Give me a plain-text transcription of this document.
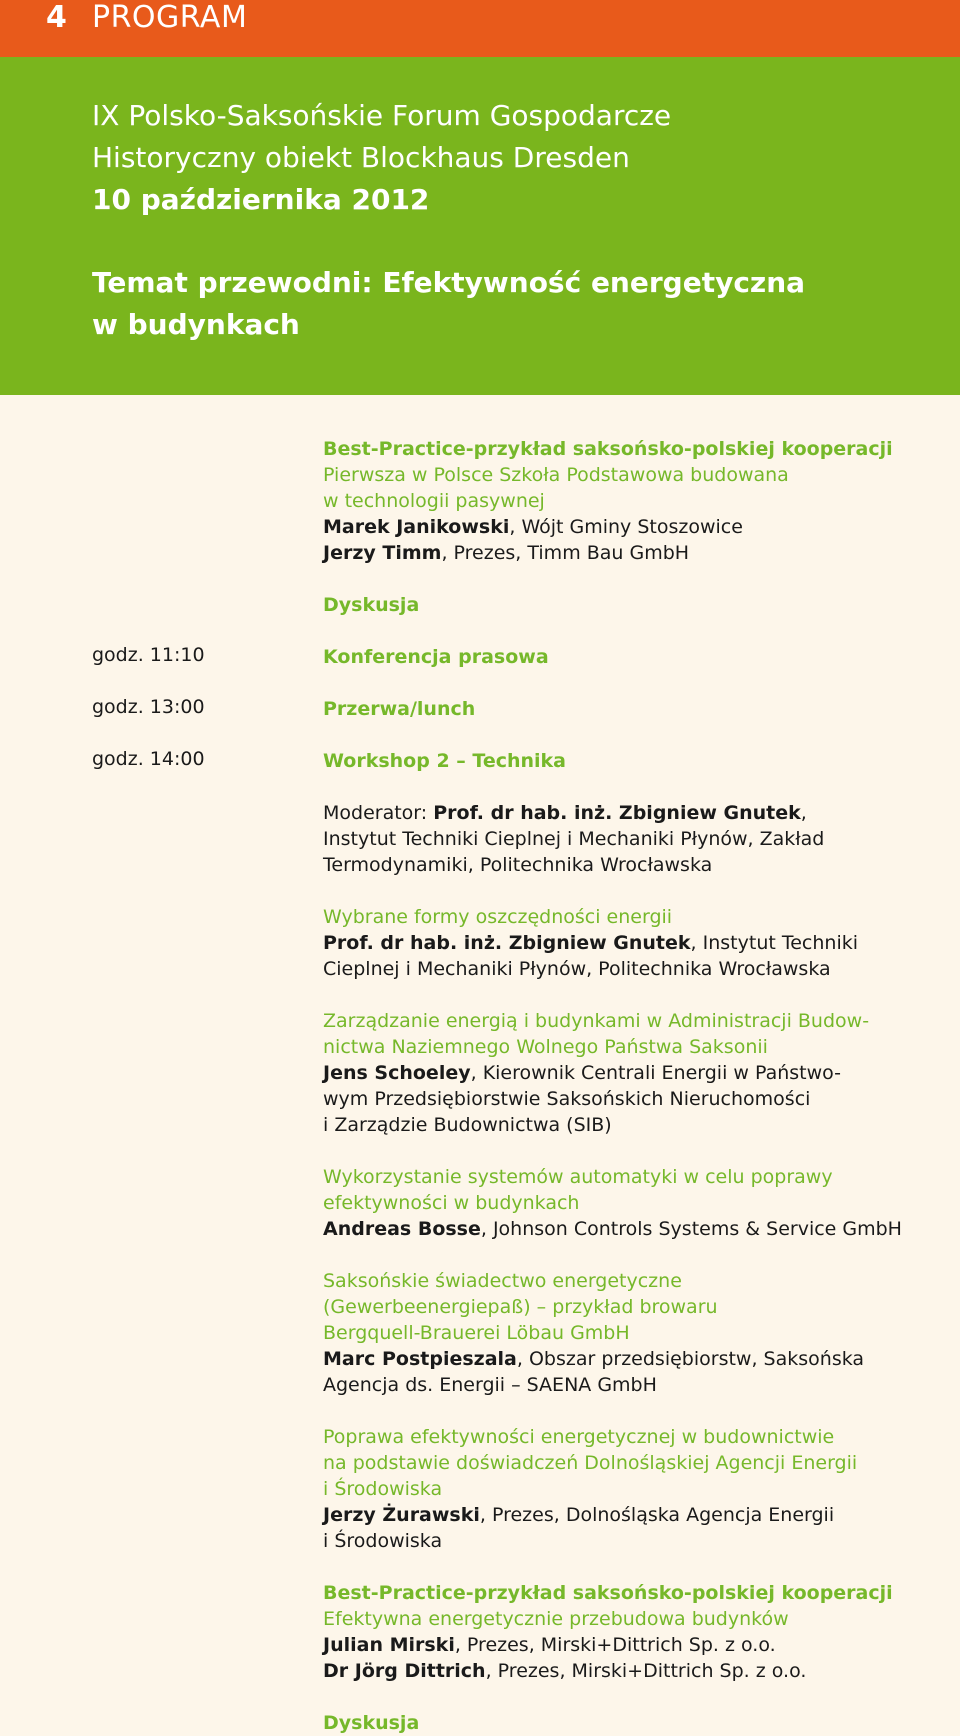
4 PROGRAM
IX Polsko-Saksońskie Forum Gospodarcze
Historyczny obiekt Blockhaus Dresden
10 października 2012
Temat przewodni: Efektywność energetyczna
w budynkach
godz. 11:10
godz. 13:00
godz. 14:00

Best-Practice-przykład saksońsko-polskiej kooperacji

Pierwsza w Polsce Szkoła Podstawowa budowana

w technologii pasywnej

Marek Janikowski, Wójt Gminy Stoszowice

Jerzy Timm, Prezes, Timm Bau GmbH

Dyskusja

Konferencja prasowa

Przerwa/lunch

Workshop 2 – Technika

Moderator: Prof. dr hab. inż. Zbigniew Gnutek,

Instytut Techniki Cieplnej i Mechaniki Płynów, Zakład

Termodynamiki, Politechnika Wrocławska

Wybrane formy oszczędności energii

Prof. dr hab. inż. Zbigniew Gnutek, Instytut Techniki

Cieplnej i Mechaniki Płynów, Politechnika Wrocławska

Zarządzanie energią i budynkami w Administracji Budow-

nictwa Naziemnego Wolnego Państwa Saksonii

Jens Schoeley, Kierownik Centrali Energii w Państwo-

wym Przedsiębiorstwie Saksońskich Nieruchomości

i Zarządzie Budownictwa (SIB)

Wykorzystanie systemów automatyki w celu poprawy

efektywności w budynkach

Andreas Bosse, Johnson Controls Systems & Service GmbH

Saksońskie świadectwo energetyczne

(Gewerbeenergiepaß) – przykład browaru

Bergquell-Brauerei Löbau GmbH

Marc Postpieszala, Obszar przedsiębiorstw, Saksońska

Agencja ds. Energii – SAENA GmbH

Poprawa efektywności energetycznej w budownictwie

na podstawie doświadczeń Dolnośląskiej Agencji Energii

i Środowiska

Jerzy Żurawski, Prezes, Dolnośląska Agencja Energii

i Środowiska

Best-Practice-przykład saksońsko-polskiej kooperacji

Efektywna energetycznie przebudowa budynków

Julian Mirski, Prezes, Mirski+Dittrich Sp. z o.o.

Dr Jörg Dittrich, Prezes, Mirski+Dittrich Sp. z o.o.

Dyskusja
